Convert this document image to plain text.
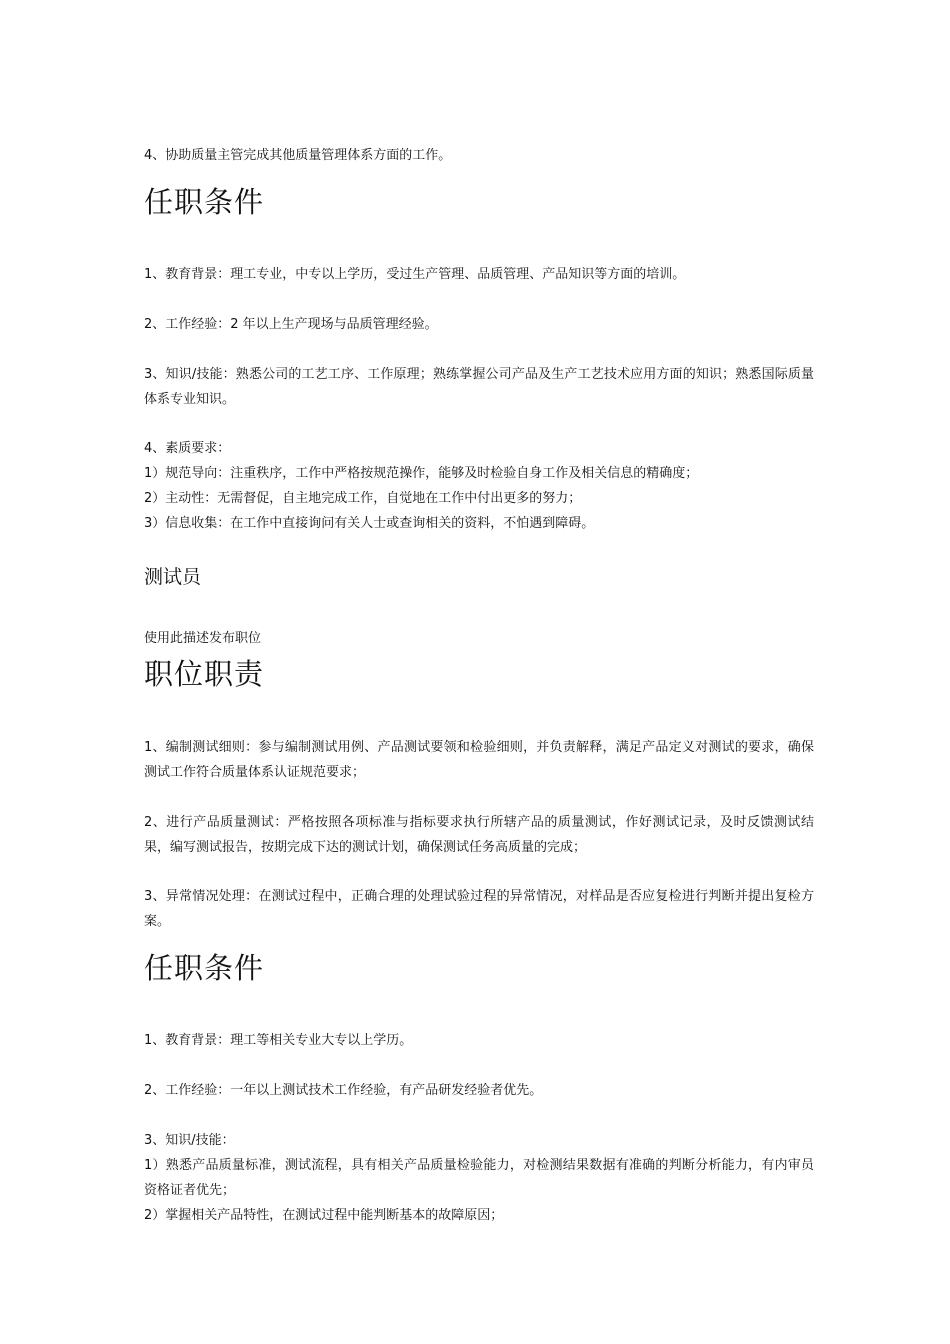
4、协助质量主管完成其他质量管理体系方面的工作。

任职条件

1、教育背景：理工专业，中专以上学历，受过生产管理、品质管理、产品知识等方面的培训。

2、工作经验：2 年以上生产现场与品质管理经验。

3、知识/技能：熟悉公司的工艺工序、工作原理；熟练掌握公司产品及生产工艺技术应用方面的知识；熟悉国际质量体系专业知识。

4、素质要求：

1）规范导向：注重秩序，工作中严格按规范操作，能够及时检验自身工作及相关信息的精确度；

2）主动性：无需督促，自主地完成工作，自觉地在工作中付出更多的努力；

3）信息收集：在工作中直接询问有关人士或查询相关的资料，不怕遇到障碍。

测试员

使用此描述发布职位

职位职责

1、编制测试细则：参与编制测试用例、产品测试要领和检验细则，并负责解释，满足产品定义对测试的要求，确保测试工作符合质量体系认证规范要求；

2、进行产品质量测试：严格按照各项标准与指标要求执行所辖产品的质量测试，作好测试记录，及时反馈测试结果，编写测试报告，按期完成下达的测试计划，确保测试任务高质量的完成；

3、异常情况处理：在测试过程中，正确合理的处理试验过程的异常情况，对样品是否应复检进行判断并提出复检方案。

任职条件

1、教育背景：理工等相关专业大专以上学历。

2、工作经验：一年以上测试技术工作经验，有产品研发经验者优先。

3、知识/技能：

1）熟悉产品质量标准，测试流程，具有相关产品质量检验能力，对检测结果数据有准确的判断分析能力，有内审员资格证者优先；

2）掌握相关产品特性，在测试过程中能判断基本的故障原因；
